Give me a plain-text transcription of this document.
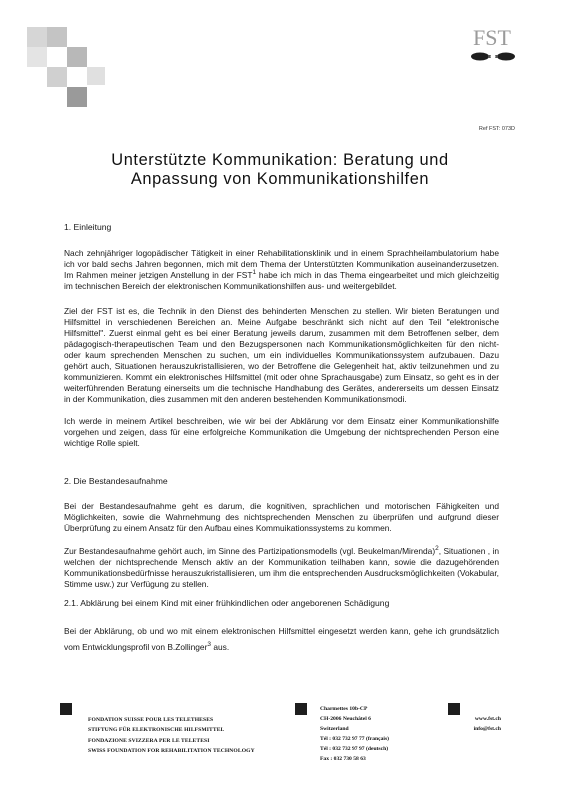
FST
Ref FST: 073D
Unterstützte Kommunikation: Beratung und
Anpassung von Kommunikationshilfen

1. Einleitung

Nach zehnjähriger logopädischer Tätigkeit in einer Rehabilitationsklinik und in einem Sprachheilambulatorium habe ich vor bald sechs Jahren begonnen, mich mit dem Thema der Unterstützten Kommunikation auseinanderzusetzen. Im Rahmen meiner jetzigen Anstellung in der FST$^1$ habe ich mich in das Thema eingearbeitet und mich gleichzeitig im technischen Bereich der elektronischen Kommunikationshilfen aus- und weitergebildet.

Ziel der FST ist es, die Technik in den Dienst des behinderten Menschen zu stellen. Wir bieten Beratungen und Hilfsmittel in verschiedenen Bereichen an. Meine Aufgabe beschränkt sich nicht auf den Teil "elektronische Hilfsmittel". Zuerst einmal geht es bei einer Beratung jeweils darum, zusammen mit dem Betroffenen selber, dem pädagogisch-therapeutischen Team und den Bezugspersonen nach Kommunikationsmöglichkeiten für den nicht- oder kaum sprechenden Menschen zu suchen, um ein individuelles Kommunikationssystem aufzubauen. Dazu gehört auch, Situationen herauszukristallisieren, wo der Betroffene die Gelegenheit hat, aktiv teilzunehmen und zu kommunizieren. Kommt ein elektronisches Hilfsmittel (mit oder ohne Sprachausgabe) zum Einsatz, so geht es in der weiterführenden Beratung einerseits um die technische Handhabung des Gerätes, andererseits um dessen Einsatz in der Kommunikation, dies zusammen mit den anderen bestehenden Kommunikationsmodi.

Ich werde in meinem Artikel beschreiben, wie wir bei der Abklärung vor dem Einsatz einer Kommunikationshilfe vorgehen und zeigen, dass für eine erfolgreiche Kommunikation die Umgebung der nichtsprechenden Person eine wichtige Rolle spielt.

2. Die Bestandesaufnahme

Bei der Bestandesaufnahme geht es darum, die kognitiven, sprachlichen und motorischen Fähigkeiten und Möglichkeiten, sowie die Wahrnehmung des nichtsprechenden Menschen zu überprüfen und aufgrund dieser Überprüfung zu einem Ansatz für den Aufbau eines Kommuikationssystems zu kommen.

Zur Bestandesaufnahme gehört auch, im Sinne des Partizipationsmodells (vgl. Beukelman/Mirenda)$^2$, Situationen , in welchen der nichtsprechende Mensch aktiv an der Kommunikation teilhaben kann, sowie die dazugehörenden Kommunikationsbedürfnisse herauszukristallisieren, um ihm die entsprechenden Ausdrucksmöglichkeiten (Vokabular, Stimme usw.) zur Verfügung zu stellen.

2.1. Abklärung bei einem Kind mit einer frühkindlichen oder angeborenen Schädigung

Bei der Abklärung, ob und wo mit einem elektronischen Hilfsmittel eingesetzt werden kann, gehe ich grundsätzlich vom Entwicklungsprofil von B.Zollinger$^3$ aus.

FONDATION SUISSE POUR LES TELETHESES
STIFTUNG FÜR ELEKTRONISCHE HILFSMITTEL
FONDAZIONE SVIZZERA PER LE TELETESI
SWISS FOUNDATION FOR REHABILITATION TECHNOLOGY
Charmettes 10b-CP
CH-2006 Neuchâtel 6
Switzerland
Tél : 032 732 97 77 (français)
Tél : 032 732 97 97 (deutsch)
Fax : 032 730 58 63
www.fst.ch
info@fst.ch
